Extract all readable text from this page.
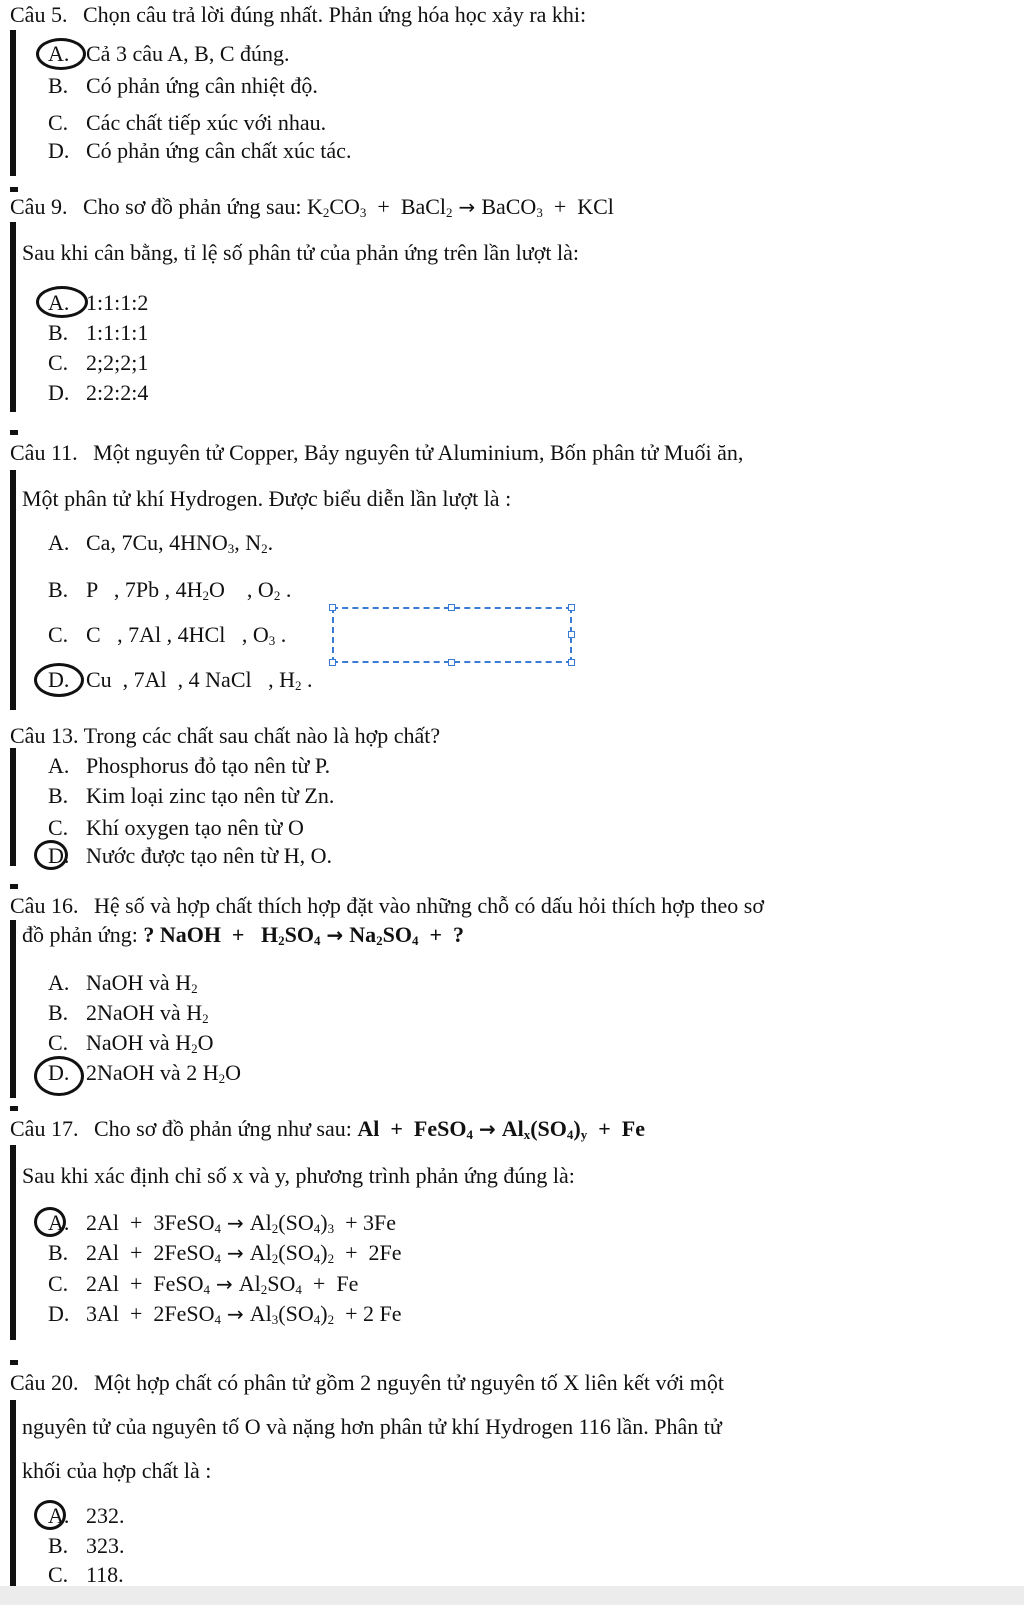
Câu 5. Chọn câu trả lời đúng nhất. Phản ứng hóa học xảy ra khi:
A. Cả 3 câu A, B, C đúng.
B. Có phản ứng cân nhiệt độ.
C. Các chất tiếp xúc với nhau.
D. Có phản ứng cân chất xúc tác.
Câu 9. Cho sơ đồ phản ứng sau: $K_2CO_3$  +  BaCl$_2$ → BaCO$_3$  +  KCl
Sau khi cân bằng, tỉ lệ số phân tử của phản ứng trên lần lượt là:
A. 1:1:1:2
B. 1:1:1:1
C. 2;2;2;1
D. 2:2:2:4
Câu 11. Một nguyên tử Copper, Bảy nguyên tử Aluminium, Bốn phân tử Muối ăn,
Một phân tử khí Hydrogen. Được biểu diễn lần lượt là :
A. Ca, 7Cu, $4HNO_3$, $N_2$.
B. P   , 7Pb , $4H_2O$    , $O_2$ .
C. C   , 7Al , 4HCl   , $O_3$ .
D. Cu  , 7Al  , 4 NaCl   , $H_2$ .
Câu 13. Trong các chất sau chất nào là hợp chất?
A. Phosphorus đỏ tạo nên từ P.
B. Kim loại zinc tạo nên từ Zn.
C. Khí oxygen tạo nên từ O
D. Nước được tạo nên từ H, O.
Câu 16. Hệ số và hợp chất thích hợp đặt vào những chỗ có dấu hỏi thích hợp theo sơ
đồ phản ứng: ? NaOH  +   $H_2SO_4 \to Na_2SO_4$  +  ?
A. NaOH và $H_2$
B. 2NaOH và $H_2$
C. NaOH và $H_2O$
D. 2NaOH và 2 $H_2O$
Câu 17. Cho sơ đồ phản ứng như sau: Al  +  FeSO$_4$ → $Al_x(SO_4)_y + Fe$
Sau khi xác định chỉ số x và y, phương trình phản ứng đúng là:
A. 2Al  +  3FeSO$_4$ → $Al_2(SO_4)_3 + 3Fe$
B. 2Al  +  2FeSO$_4$ → $Al_2(SO_4)_2 + 2Fe$
C. 2Al  +  FeSO$_4$ → $Al_2SO_4 + Fe$
D. 3Al  +  2FeSO$_4$ → $Al_3(SO_4)_2 + 2$ Fe
Câu 20. Một hợp chất có phân tử gồm 2 nguyên tử nguyên tố X liên kết với một
nguyên tử của nguyên tố O và nặng hơn phân tử khí Hydrogen 116 lần. Phân tử
khối của hợp chất là :
A. 232.
B. 323.
C. 118.
